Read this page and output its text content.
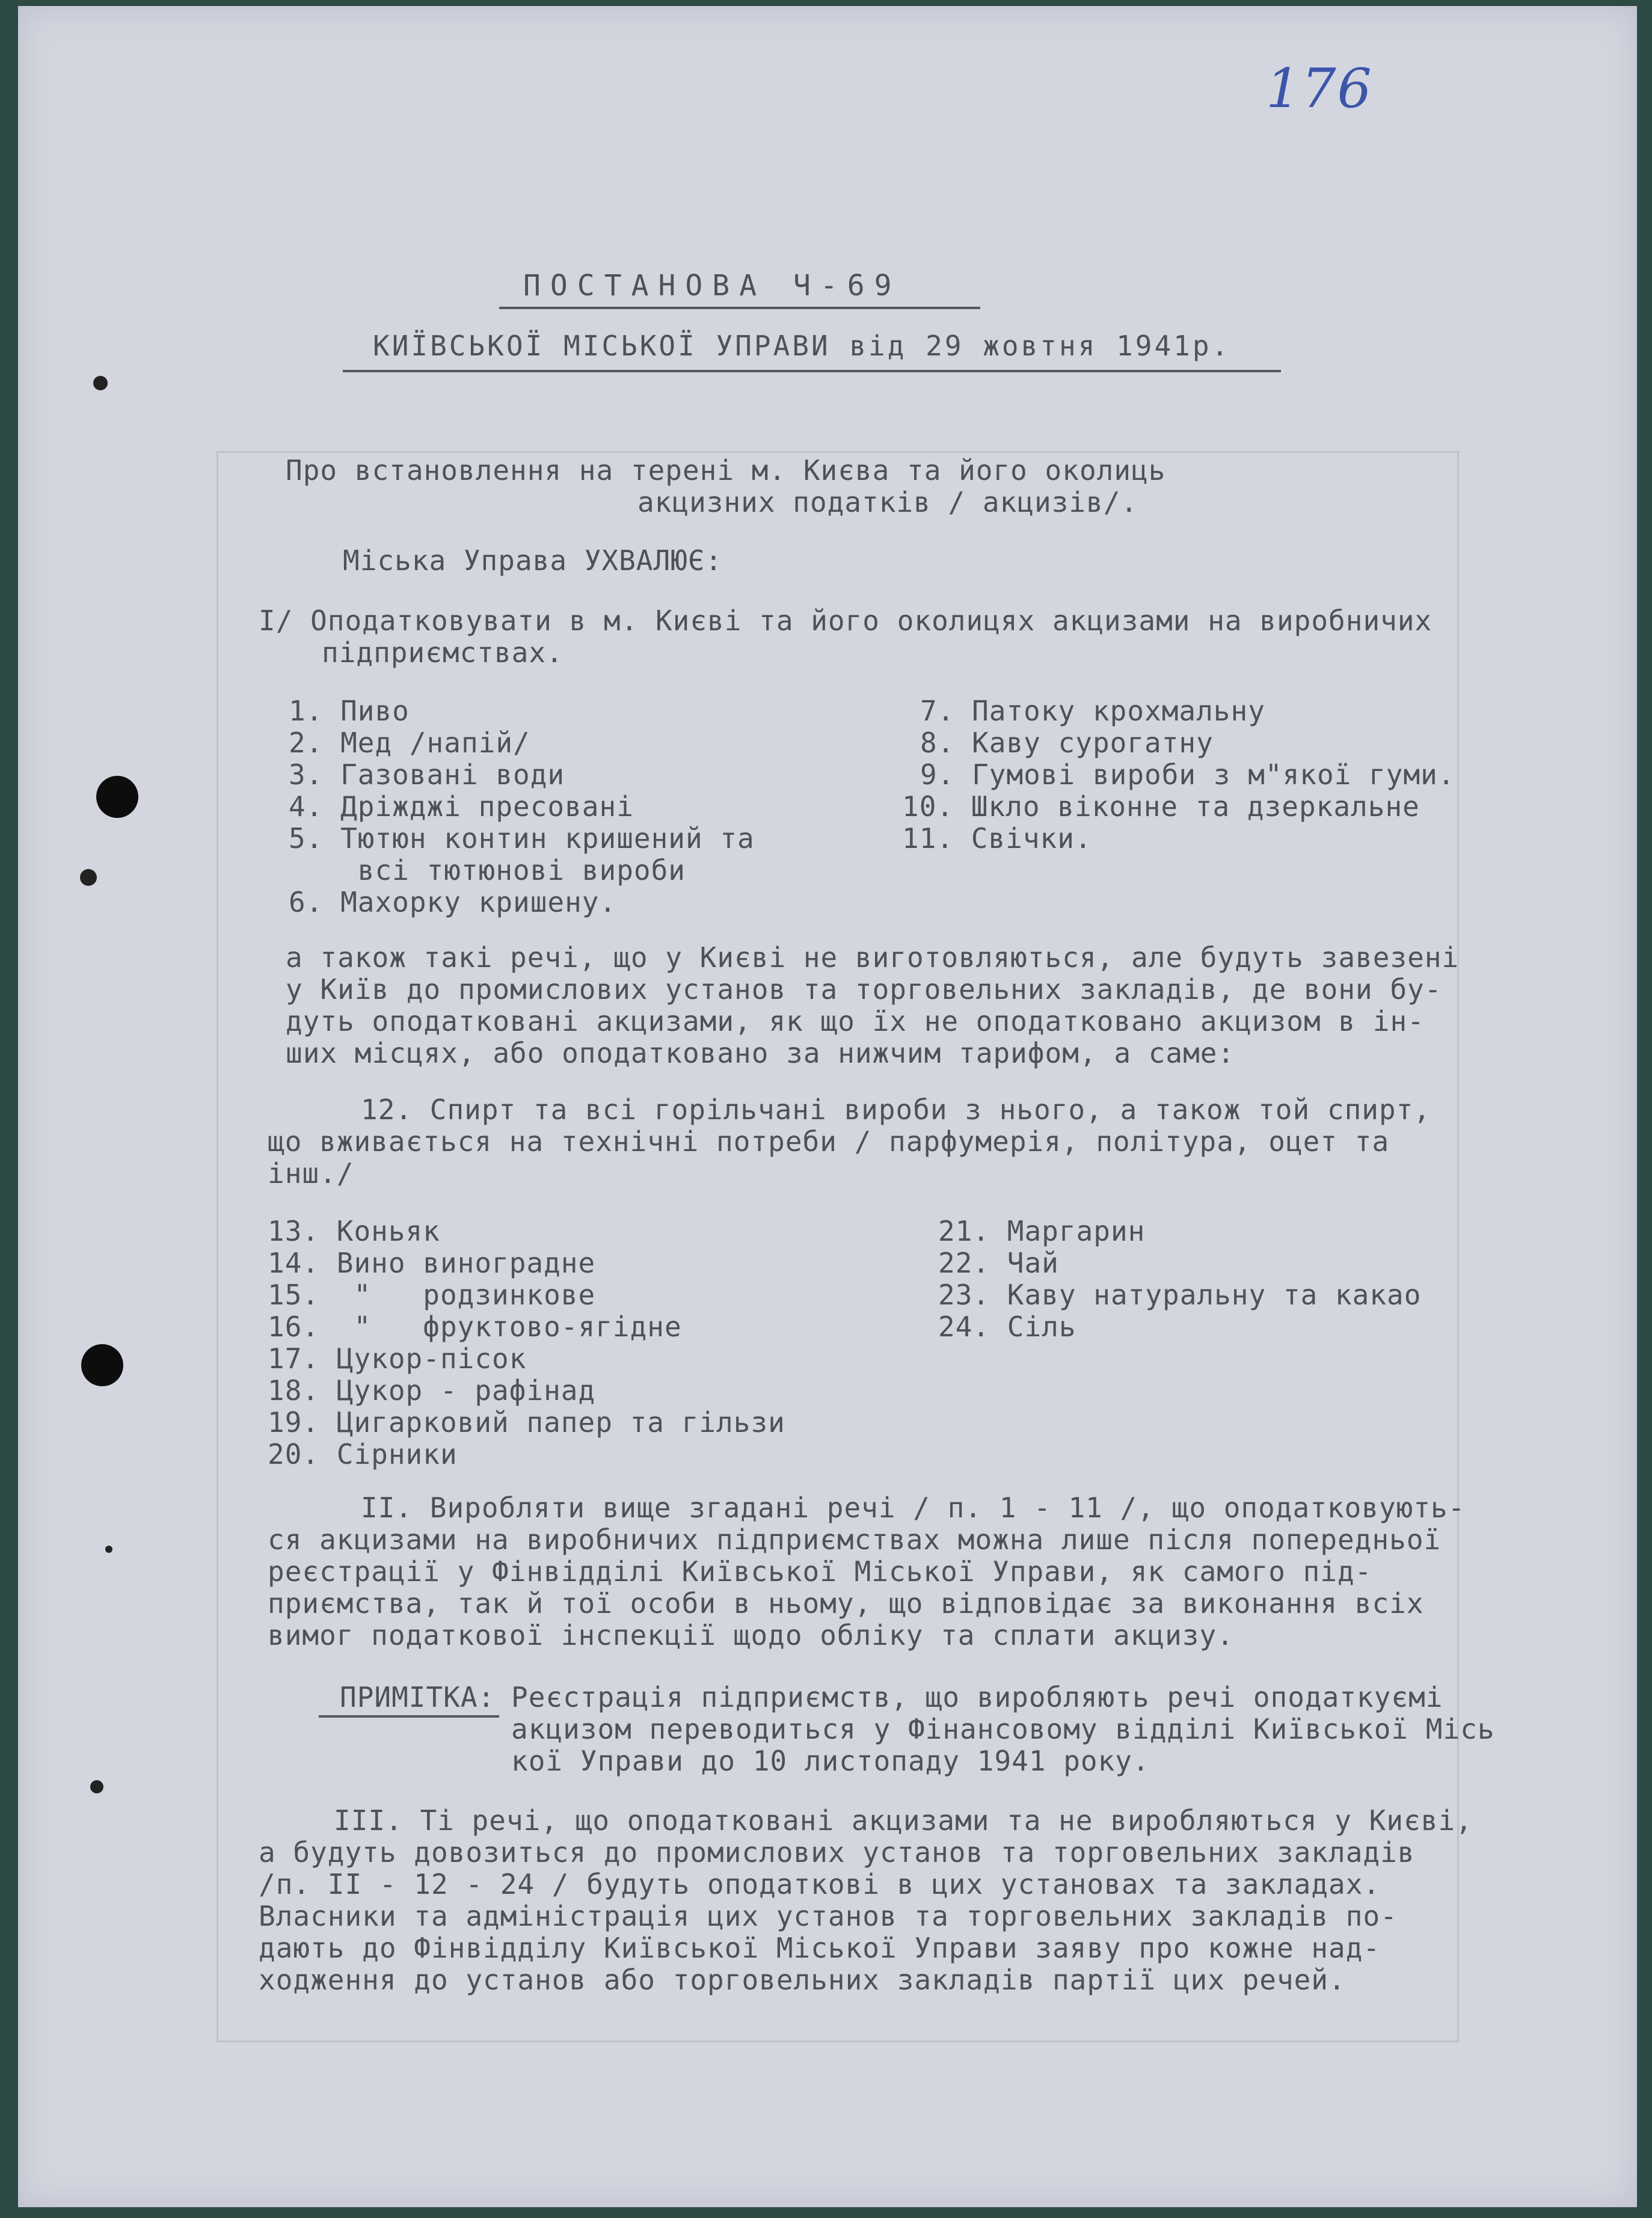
176
ПОСТАНОВА Ч-69
КИЇВСЬКОЇ МІСЬКОЇ УПРАВИ від 29 жовтня 1941р.
Про встановлення на терені м. Києва та його околиць
акцизних податків / акцизів/.
Міська Управа УХВАЛЮЄ:
І/ Оподатковувати в м. Києві та його околицях акцизами на виробничих
підприємствах.
1. Пиво
2. Мед /напій/
3. Газовані води
4. Дріжджі пресовані
5. Тютюн контин кришений та
всі тютюнові вироби
6. Махорку кришену.
7. Патоку крохмальну
8. Каву сурогатну
9. Гумові вироби з м"якої гуми.
10. Шкло віконне та дзеркальне
11. Свічки.
а також такі речі, що у Києві не виготовляються, але будуть завезені
у Київ до промислових установ та торговельних закладів, де вони бу-
дуть оподатковані акцизами, як що їх не оподатковано акцизом в ін-
ших місцях, або оподатковано за нижчим тарифом, а саме:
12. Спирт та всі горільчані вироби з нього, а також той спирт,
що вживається на технічні потреби / парфумерія, політура, оцет та
інш./
13. Коньяк
14. Вино виноградне
15.  "   родзинкове
16.  "   фруктово-ягідне
17. Цукор-пісок
18. Цукор - рафінад
19. Цигарковий папер та гільзи
20. Сірники
21. Маргарин
22. Чай
23. Каву натуральну та какао
24. Сіль
ІІ. Виробляти вище згадані речі / п. 1 - 11 /, що оподатковують-
ся акцизами на виробничих підприємствах можна лише після попередньої
реєстрації у Фінвідділі Київської Міської Управи, як самого під-
приємства, так й тої особи в ньому, що відповідає за виконання всіх
вимог податкової інспекції щодо обліку та сплати акцизу.
ПРИМІТКА: Реєстрація підприємств, що виробляють речі оподаткуємі
акцизом переводиться у Фінансовому відділі Київської Місь
кої Управи до 10 листопаду 1941 року.
ІІІ. Ті речі, що оподатковані акцизами та не виробляються у Києві,
а будуть довозиться до промислових установ та торговельних закладів
/п. ІІ - 12 - 24 / будуть оподаткові в цих установах та закладах.
Власники та адміністрація цих установ та торговельних закладів по-
дають до Фінвідділу Київської Міської Управи заяву про кожне над-
ходження до установ або торговельних закладів партії цих речей.
